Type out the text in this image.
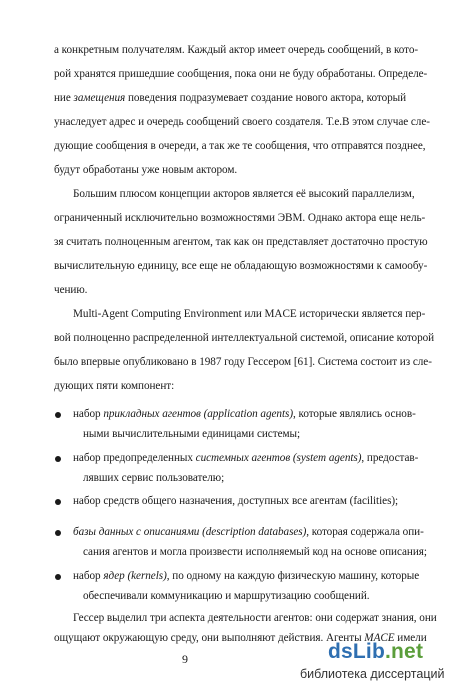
а конкретным получателям. Каждый актор имеет очередь сообщений, в кото-
рой хранятся пришедшие сообщения, пока они не буду обработаны. Определе-
ние замещения поведения подразумевает создание нового актора, который
унаследует адрес и очередь сообщений своего создателя. Т.е.В этом случае сле-
дующие сообщения в очереди, а так же те сообщения, что отправятся позднее,
будут обработаны уже новым актором.
Большим плюсом концепции акторов является её высокий параллелизм,
ограниченный исключительно возможностями ЭВМ. Однако актора еще нель-
зя считать полноценным агентом, так как он представляет достаточно простую
вычислительную единицу, все еще не обладающую возможностями к самообу-
чению.
Multi-Agent Computing Environment или MACE исторически является пер-
вой полноценно распределенной интеллектуальной системой, описание которой
было впервые опубликовано в 1987 году Гессером [61]. Система состоит из сле-
дующих пяти компонент:
набор прикладных агентов (application agents), которые являлись основ-
ными вычислительными единицами системы;
набор предопределенных системных агентов (system agents), предостав-
лявших сервис пользователю;
набор средств общего назначения, доступных все агентам (facilities);
базы данных с описаниями (description databases), которая содержала опи-
сания агентов и могла произвести исполняемый код на основе описания;
набор ядер (kernels), по одному на каждую физическую машину, которые
обеспечивали коммуникацию и маршрутизацию сообщений.
Гессер выделил три аспекта деятельности агентов: они содержат знания, они
ощущают окружающую среду, они выполняют действия. Агенты MACE имели
9	dsLib.net
библиотека диссертаций
